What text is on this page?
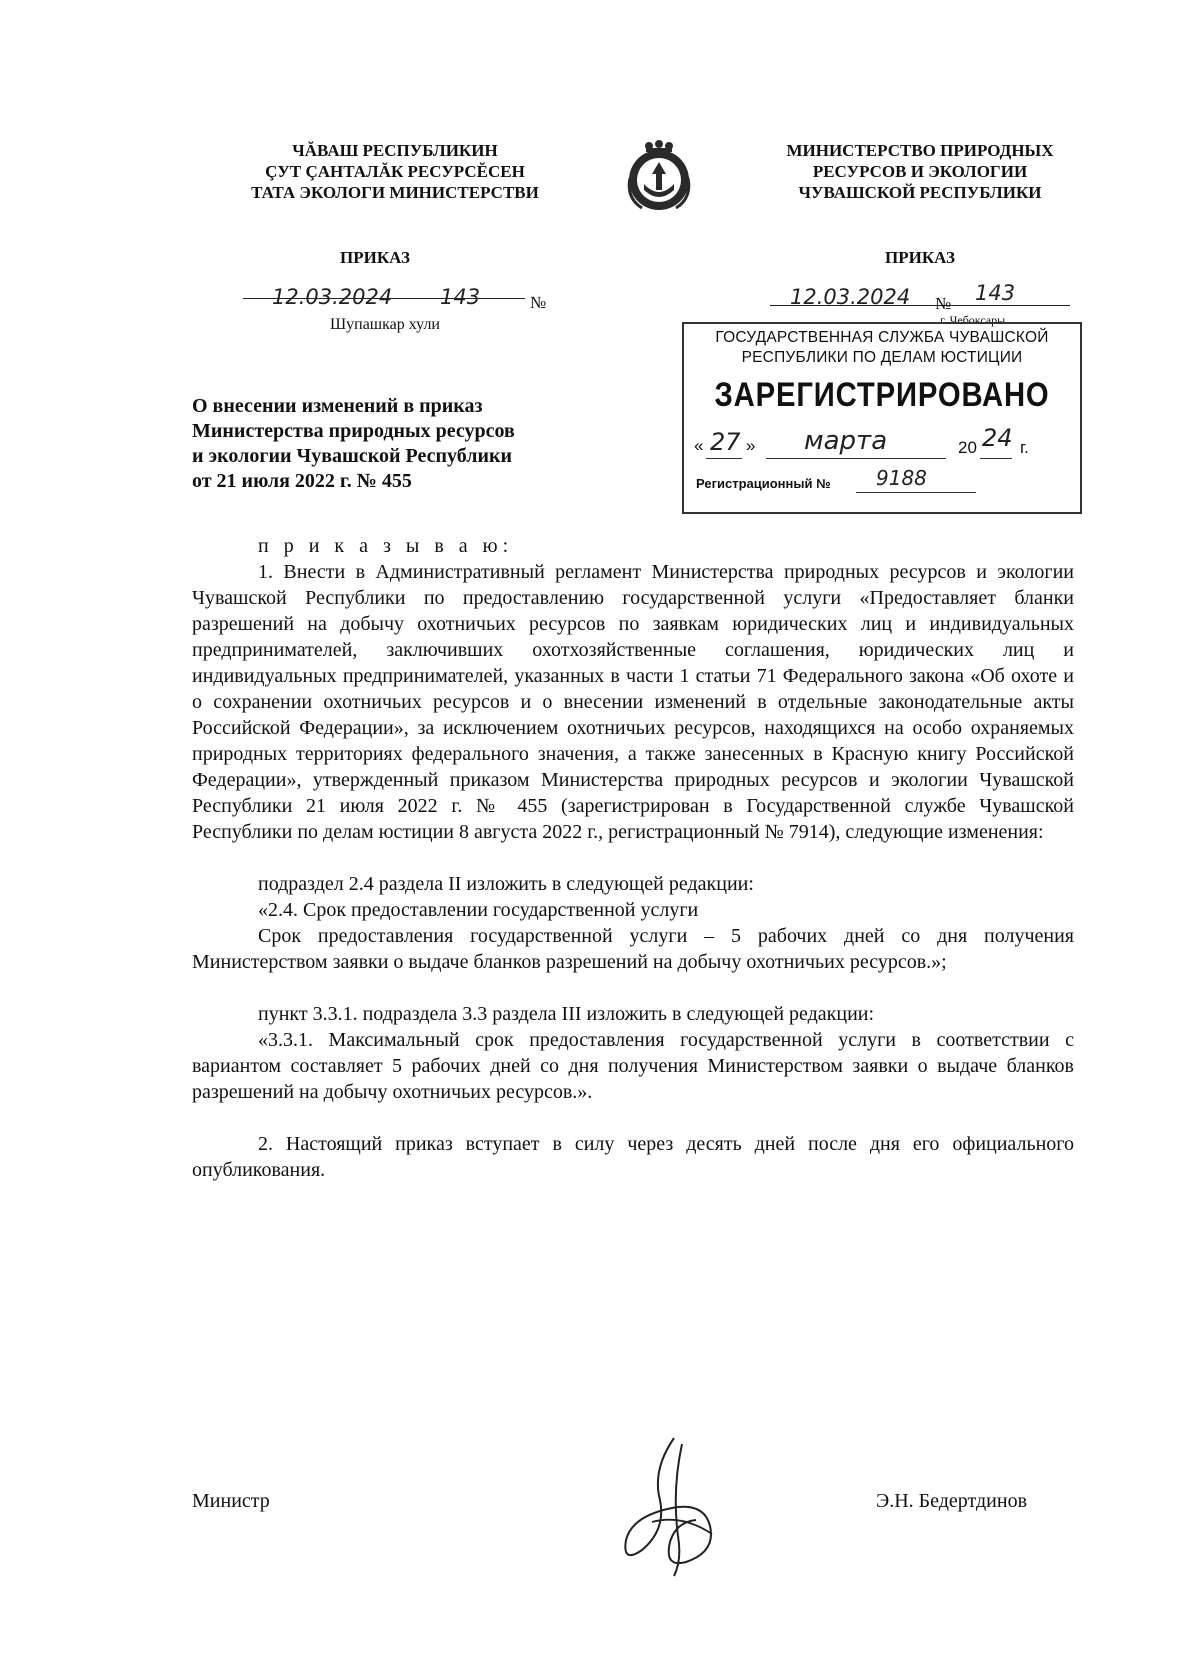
ЧĂВАШ РЕСПУБЛИКИН
ÇУТ ÇАНТАЛĂК РЕСУРСĔСЕН
ТАТА ЭКОЛОГИ МИНИСТЕРСТВИ
МИНИСТЕРСТВО ПРИРОДНЫХ
РЕСУРСОВ И ЭКОЛОГИИ
ЧУВАШСКОЙ РЕСПУБЛИКИ
ПРИКАЗ	ПРИКАЗ
12.03.2024 143	№
Шупашкар хули
12.03.2024 № 143
г. Чебоксары
ГОСУДАРСТВЕННАЯ СЛУЖБА ЧУВАШСКОЙ
РЕСПУБЛИКИ ПО ДЕЛАМ ЮСТИЦИИ
ЗАРЕГИСТРИРОВАНО
« 27 » марта	20 24 г.
Регистрационный № 9188
О внесении изменений в приказ
Министерства природных ресурсов
и экологии Чувашской Республики
от 21 июля 2022 г. № 455

п р и к а з ы в а ю:

1. Внести в Административный регламент Министерства природных ресурсов и экологии Чувашской Республики по предоставлению государственной услуги «Предоставляет бланки разрешений на добычу охотничьих ресурсов по заявкам юридических лиц и индивидуальных предпринимателей, заключивших охотхозяйственные соглашения, юридических лиц и индивидуальных предпринимателей, указанных в части 1 статьи 71 Федерального закона «Об охоте и о сохранении охотничьих ресурсов и о внесении изменений в отдельные законодательные акты Российской Федерации», за исключением охотничьих ресурсов, находящихся на особо охраняемых природных территориях федерального значения, а также занесенных в Красную книгу Российской Федерации», утвержденный приказом Министерства природных ресурсов и экологии Чувашской Республики 21 июля 2022 г. № 455 (зарегистрирован в Государственной службе Чувашской Республики по делам юстиции 8 августа 2022 г., регистрационный № 7914), следующие изменения:

подраздел 2.4 раздела II изложить в следующей редакции:

«2.4. Срок предоставлении государственной услуги

Срок предоставления государственной услуги – 5 рабочих дней со дня получения Министерством заявки о выдаче бланков разрешений на добычу охотничьих ресурсов.»;

пункт 3.3.1. подраздела 3.3 раздела III изложить в следующей редакции:

«3.3.1. Максимальный срок предоставления государственной услуги в соответствии с вариантом составляет 5 рабочих дней со дня получения Министерством заявки о выдаче бланков разрешений на добычу охотничьих ресурсов.».

2. Настоящий приказ вступает в силу через десять дней после дня его официального опубликования.

Министр	Э.Н. Бедертдинов
